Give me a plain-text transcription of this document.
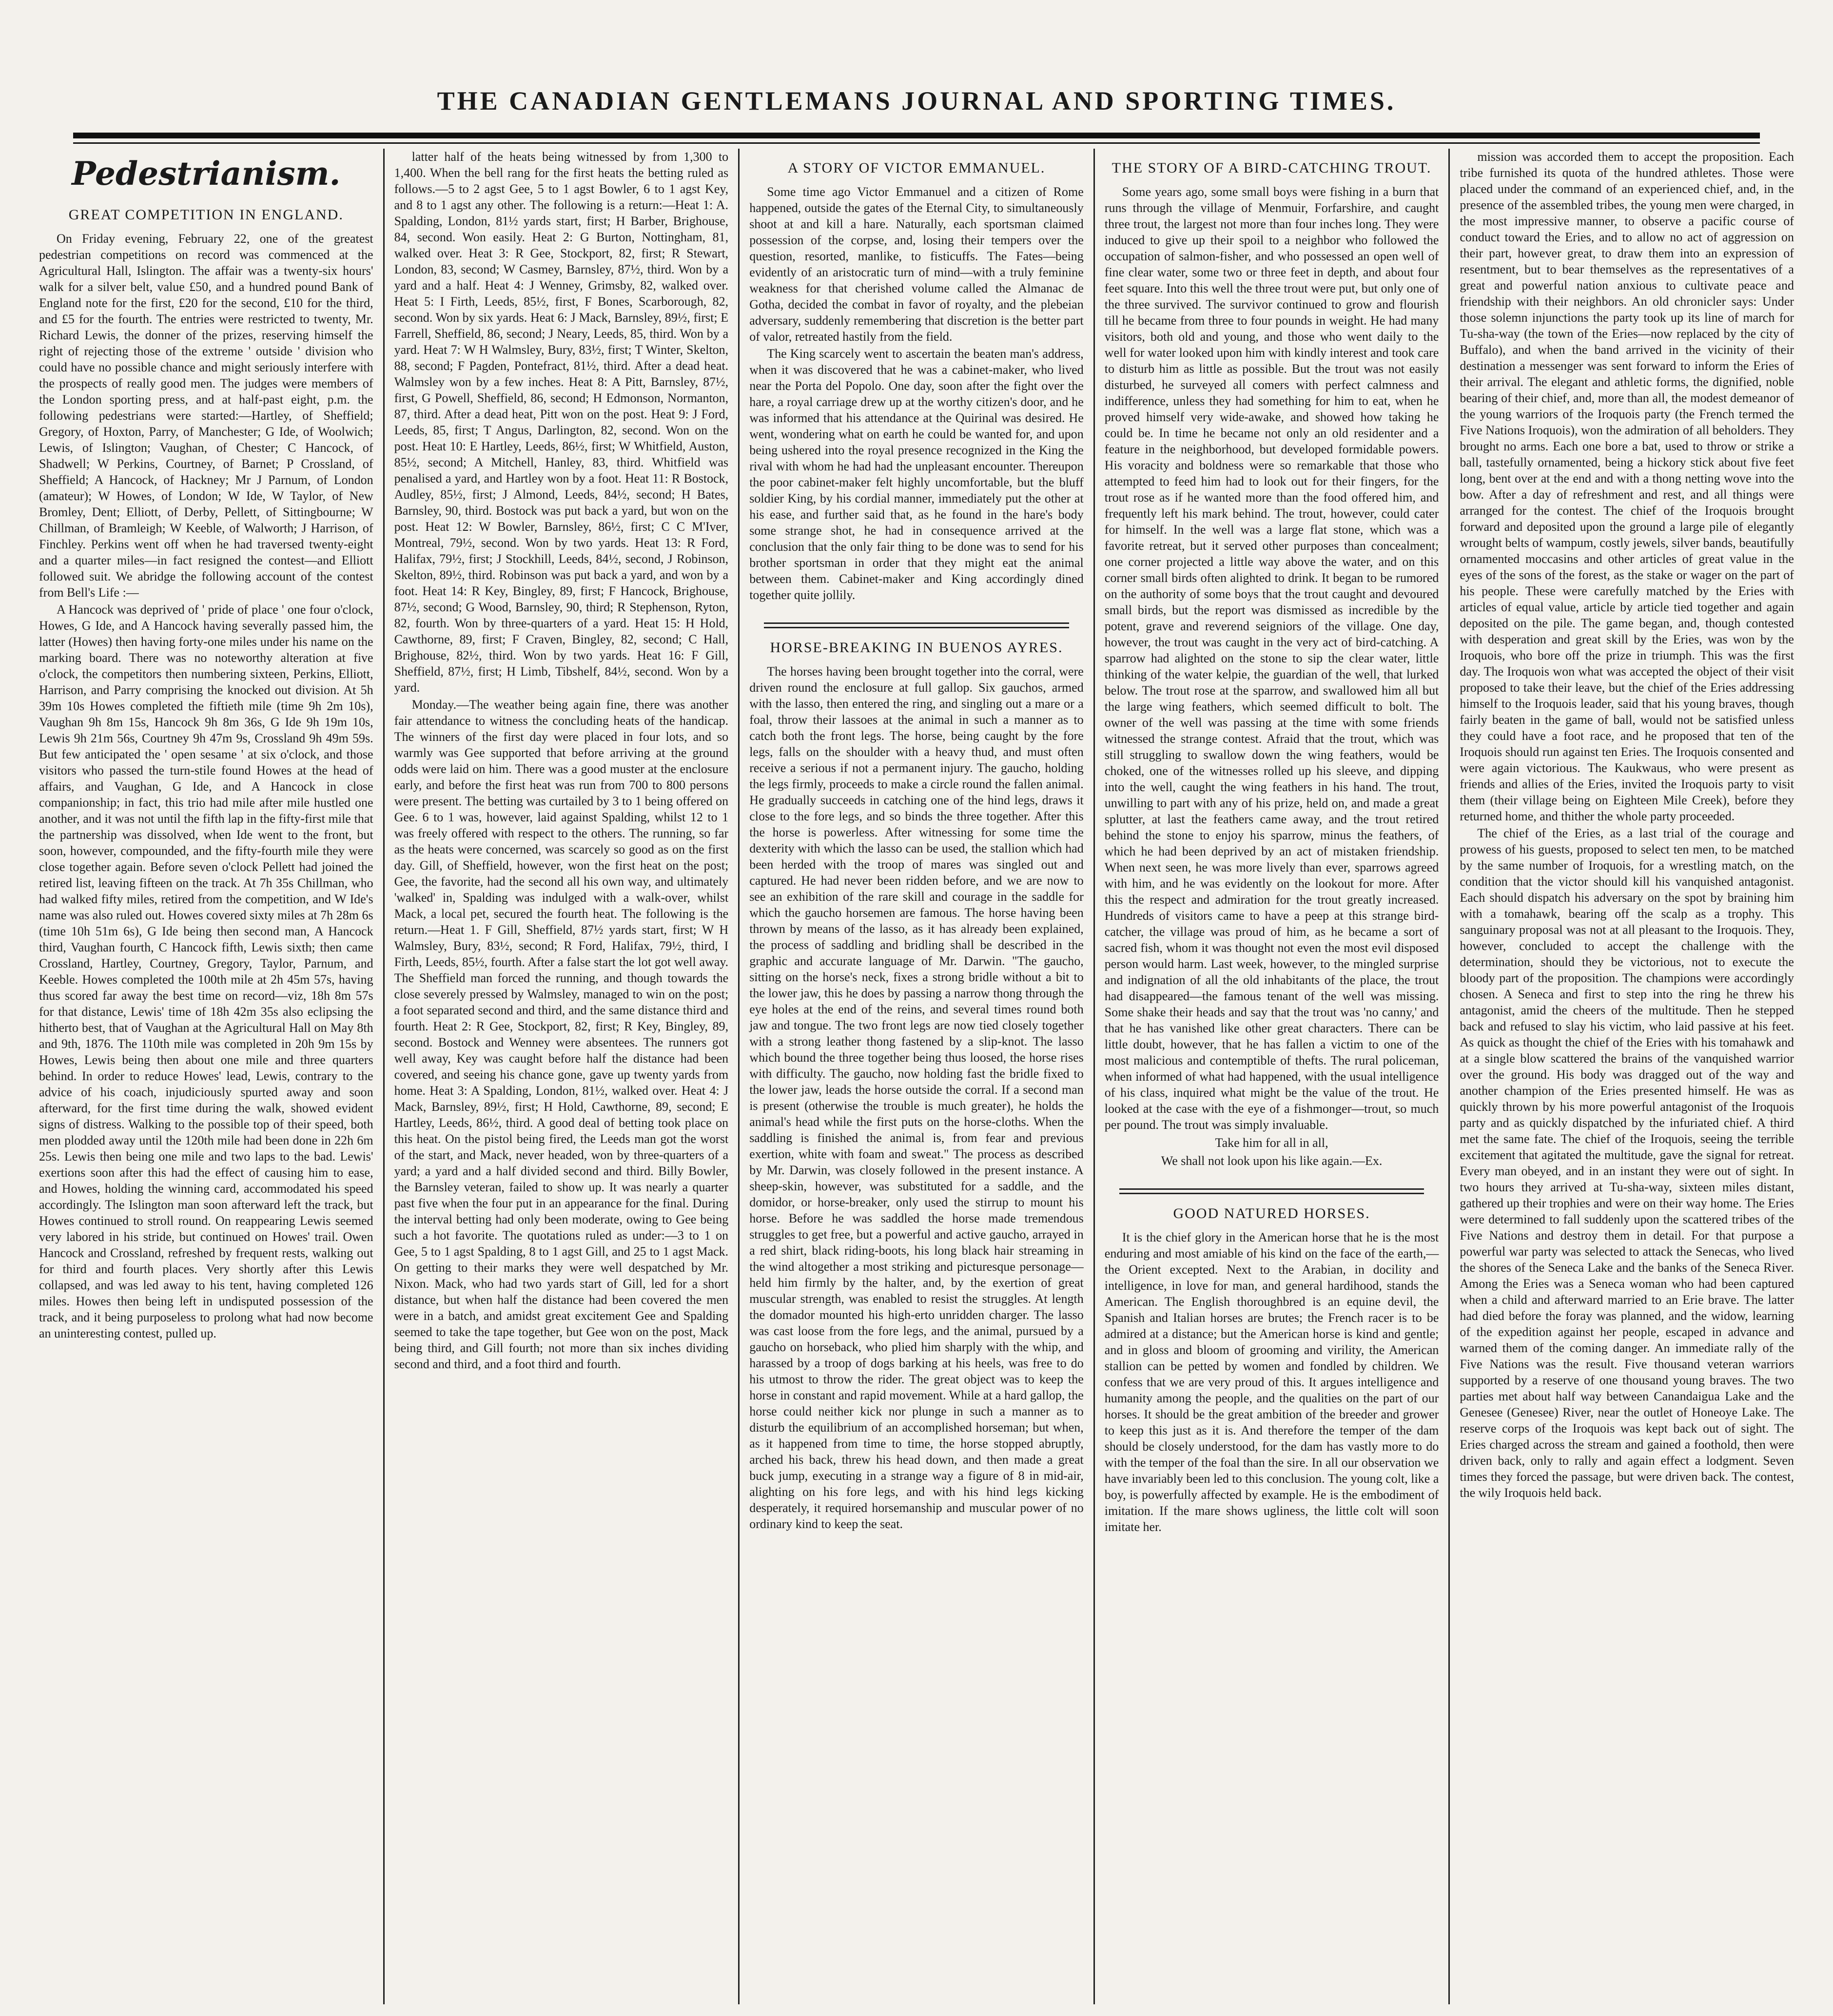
THE CANADIAN GENTLEMANS JOURNAL AND SPORTING TIMES.
Pedestrianism.
GREAT COMPETITION IN ENGLAND.

On Friday evening, February 22, one of the greatest pedestrian competitions on record was commenced at the Agricultural Hall, Islington. The affair was a twenty-six hours' walk for a silver belt, value £50, and a hundred pound Bank of England note for the first, £20 for the second, £10 for the third, and £5 for the fourth. The entries were restricted to twenty, Mr. Richard Lewis, the donner of the prizes, reserving himself the right of rejecting those of the extreme ' outside ' division who could have no possible chance and might seriously interfere with the prospects of really good men. The judges were members of the London sporting press, and at half-past eight, p.m. the following pedestrians were started:—Hartley, of Sheffield; Gregory, of Hoxton, Parry, of Manchester; G Ide, of Woolwich; Lewis, of Islington; Vaughan, of Chester; C Hancock, of Shadwell; W Perkins, Courtney, of Barnet; P Crossland, of Sheffield; A Hancock, of Hackney; Mr J Parnum, of London (amateur); W Howes, of London; W Ide, W Taylor, of New Bromley, Dent; Elliott, of Derby, Pellett, of Sittingbourne; W Chillman, of Bramleigh; W Keeble, of Walworth; J Harrison, of Finchley. Perkins went off when he had traversed twenty-eight and a quarter miles—in fact resigned the contest—and Elliott followed suit. We abridge the following account of the contest from Bell's Life :—

A Hancock was deprived of ' pride of place ' one four o'clock, Howes, G Ide, and A Hancock having severally passed him, the latter (Howes) then having forty-one miles under his name on the marking board. There was no noteworthy alteration at five o'clock, the competitors then numbering sixteen, Perkins, Elliott, Harrison, and Parry comprising the knocked out division. At 5h 39m 10s Howes completed the fiftieth mile (time 9h 2m 10s), Vaughan 9h 8m 15s, Hancock 9h 8m 36s, G Ide 9h 19m 10s, Lewis 9h 21m 56s, Courtney 9h 47m 9s, Crossland 9h 49m 59s. But few anticipated the ' open sesame ' at six o'clock, and those visitors who passed the turn-stile found Howes at the head of affairs, and Vaughan, G Ide, and A Hancock in close companionship; in fact, this trio had mile after mile hustled one another, and it was not until the fifth lap in the fifty-first mile that the partnership was dissolved, when Ide went to the front, but soon, however, compounded, and the fifty-fourth mile they were close together again. Before seven o'clock Pellett had joined the retired list, leaving fifteen on the track. At 7h 35s Chillman, who had walked fifty miles, retired from the competition, and W Ide's name was also ruled out. Howes covered sixty miles at 7h 28m 6s (time 10h 51m 6s), G Ide being then second man, A Hancock third, Vaughan fourth, C Hancock fifth, Lewis sixth; then came Crossland, Hartley, Courtney, Gregory, Taylor, Parnum, and Keeble. Howes completed the 100th mile at 2h 45m 57s, having thus scored far away the best time on record—viz, 18h 8m 57s for that distance, Lewis' time of 18h 42m 35s also eclipsing the hitherto best, that of Vaughan at the Agricultural Hall on May 8th and 9th, 1876. The 110th mile was completed in 20h 9m 15s by Howes, Lewis being then about one mile and three quarters behind. In order to reduce Howes' lead, Lewis, contrary to the advice of his coach, injudiciously spurted away and soon afterward, for the first time during the walk, showed evident signs of distress. Walking to the possible top of their speed, both men plodded away until the 120th mile had been done in 22h 6m 25s. Lewis then being one mile and two laps to the bad. Lewis' exertions soon after this had the effect of causing him to ease, and Howes, holding the winning card, accommodated his speed accordingly. The Islington man soon afterward left the track, but Howes continued to stroll round. On reappearing Lewis seemed very labored in his stride, but continued on Howes' trail. Owen Hancock and Crossland, refreshed by frequent rests, walking out for third and fourth places. Very shortly after this Lewis collapsed, and was led away to his tent, having completed 126 miles. Howes then being left in undisputed possession of the track, and it being purposeless to prolong what had now become an uninteresting contest, pulled up.

latter half of the heats being witnessed by from 1,300 to 1,400. When the bell rang for the first heats the betting ruled as follows.—5 to 2 agst Gee, 5 to 1 agst Bowler, 6 to 1 agst Key, and 8 to 1 agst any other. The following is a return:—Heat 1: A. Spalding, London, 81½ yards start, first; H Barber, Brighouse, 84, second. Won easily. Heat 2: G Burton, Nottingham, 81, walked over. Heat 3: R Gee, Stockport, 82, first; R Stewart, London, 83, second; W Casmey, Barnsley, 87½, third. Won by a yard and a half. Heat 4: J Wenney, Grimsby, 82, walked over. Heat 5: I Firth, Leeds, 85½, first, F Bones, Scarborough, 82, second. Won by six yards. Heat 6: J Mack, Barnsley, 89½, first; E Farrell, Sheffield, 86, second; J Neary, Leeds, 85, third. Won by a yard. Heat 7: W H Walmsley, Bury, 83½, first; T Winter, Skelton, 88, second; F Pagden, Pontefract, 81½, third. After a dead heat. Walmsley won by a few inches. Heat 8: A Pitt, Barnsley, 87½, first, G Powell, Sheffield, 86, second; H Edmonson, Normanton, 87, third. After a dead heat, Pitt won on the post. Heat 9: J Ford, Leeds, 85, first; T Angus, Darlington, 82, second. Won on the post. Heat 10: E Hartley, Leeds, 86½, first; W Whitfield, Auston, 85½, second; A Mitchell, Hanley, 83, third. Whitfield was penalised a yard, and Hartley won by a foot. Heat 11: R Bostock, Audley, 85½, first; J Almond, Leeds, 84½, second; H Bates, Barnsley, 90, third. Bostock was put back a yard, but won on the post. Heat 12: W Bowler, Barnsley, 86½, first; C C M'Iver, Montreal, 79½, second. Won by two yards. Heat 13: R Ford, Halifax, 79½, first; J Stockhill, Leeds, 84½, second, J Robinson, Skelton, 89½, third. Robinson was put back a yard, and won by a foot. Heat 14: R Key, Bingley, 89, first; F Hancock, Brighouse, 87½, second; G Wood, Barnsley, 90, third; R Stephenson, Ryton, 82, fourth. Won by three-quarters of a yard. Heat 15: H Hold, Cawthorne, 89, first; F Craven, Bingley, 82, second; C Hall, Brighouse, 82½, third. Won by two yards. Heat 16: F Gill, Sheffield, 87½, first; H Limb, Tibshelf, 84½, second. Won by a yard.

Monday.—The weather being again fine, there was another fair attendance to witness the concluding heats of the handicap. The winners of the first day were placed in four lots, and so warmly was Gee supported that before arriving at the ground odds were laid on him. There was a good muster at the enclosure early, and before the first heat was run from 700 to 800 persons were present. The betting was curtailed by 3 to 1 being offered on Gee. 6 to 1 was, however, laid against Spalding, whilst 12 to 1 was freely offered with respect to the others. The running, so far as the heats were concerned, was scarcely so good as on the first day. Gill, of Sheffield, however, won the first heat on the post; Gee, the favorite, had the second all his own way, and ultimately 'walked' in, Spalding was indulged with a walk-over, whilst Mack, a local pet, secured the fourth heat. The following is the return.—Heat 1. F Gill, Sheffield, 87½ yards start, first; W H Walmsley, Bury, 83½, second; R Ford, Halifax, 79½, third, I Firth, Leeds, 85½, fourth. After a false start the lot got well away. The Sheffield man forced the running, and though towards the close severely pressed by Walmsley, managed to win on the post; a foot separated second and third, and the same distance third and fourth. Heat 2: R Gee, Stockport, 82, first; R Key, Bingley, 89, second. Bostock and Wenney were absentees. The runners got well away, Key was caught before half the distance had been covered, and seeing his chance gone, gave up twenty yards from home. Heat 3: A Spalding, London, 81½, walked over. Heat 4: J Mack, Barnsley, 89½, first; H Hold, Cawthorne, 89, second; E Hartley, Leeds, 86½, third. A good deal of betting took place on this heat. On the pistol being fired, the Leeds man got the worst of the start, and Mack, never headed, won by three-quarters of a yard; a yard and a half divided second and third. Billy Bowler, the Barnsley veteran, failed to show up. It was nearly a quarter past five when the four put in an appearance for the final. During the interval betting had only been moderate, owing to Gee being such a hot favorite. The quotations ruled as under:—3 to 1 on Gee, 5 to 1 agst Spalding, 8 to 1 agst Gill, and 25 to 1 agst Mack. On getting to their marks they were well despatched by Mr. Nixon. Mack, who had two yards start of Gill, led for a short distance, but when half the distance had been covered the men were in a batch, and amidst great excitement Gee and Spalding seemed to take the tape together, but Gee won on the post, Mack being third, and Gill fourth; not more than six inches dividing second and third, and a foot third and fourth.

A STORY OF VICTOR EMMANUEL.

Some time ago Victor Emmanuel and a citizen of Rome happened, outside the gates of the Eternal City, to simultaneously shoot at and kill a hare. Naturally, each sportsman claimed possession of the corpse, and, losing their tempers over the question, resorted, manlike, to fisticuffs. The Fates—being evidently of an aristocratic turn of mind—with a truly feminine weakness for that cherished volume called the Almanac de Gotha, decided the combat in favor of royalty, and the plebeian adversary, suddenly remembering that discretion is the better part of valor, retreated hastily from the field.

The King scarcely went to ascertain the beaten man's address, when it was discovered that he was a cabinet-maker, who lived near the Porta del Popolo. One day, soon after the fight over the hare, a royal carriage drew up at the worthy citizen's door, and he was informed that his attendance at the Quirinal was desired. He went, wondering what on earth he could be wanted for, and upon being ushered into the royal presence recognized in the King the rival with whom he had had the unpleasant encounter. Thereupon the poor cabinet-maker felt highly uncomfortable, but the bluff soldier King, by his cordial manner, immediately put the other at his ease, and further said that, as he found in the hare's body some strange shot, he had in consequence arrived at the conclusion that the only fair thing to be done was to send for his brother sportsman in order that they might eat the animal between them. Cabinet-maker and King accordingly dined together quite jollily.

HORSE-BREAKING IN BUENOS AYRES.

The horses having been brought together into the corral, were driven round the enclosure at full gallop. Six gauchos, armed with the lasso, then entered the ring, and singling out a mare or a foal, throw their lassoes at the animal in such a manner as to catch both the front legs. The horse, being caught by the fore legs, falls on the shoulder with a heavy thud, and must often receive a serious if not a permanent injury. The gaucho, holding the legs firmly, proceeds to make a circle round the fallen animal. He gradually succeeds in catching one of the hind legs, draws it close to the fore legs, and so binds the three together. After this the horse is powerless. After witnessing for some time the dexterity with which the lasso can be used, the stallion which had been herded with the troop of mares was singled out and captured. He had never been ridden before, and we are now to see an exhibition of the rare skill and courage in the saddle for which the gaucho horsemen are famous. The horse having been thrown by means of the lasso, as it has already been explained, the process of saddling and bridling shall be described in the graphic and accurate language of Mr. Darwin. "The gaucho, sitting on the horse's neck, fixes a strong bridle without a bit to the lower jaw, this he does by passing a narrow thong through the eye holes at the end of the reins, and several times round both jaw and tongue. The two front legs are now tied closely together with a strong leather thong fastened by a slip-knot. The lasso which bound the three together being thus loosed, the horse rises with difficulty. The gaucho, now holding fast the bridle fixed to the lower jaw, leads the horse outside the corral. If a second man is present (otherwise the trouble is much greater), he holds the animal's head while the first puts on the horse-cloths. When the saddling is finished the animal is, from fear and previous exertion, white with foam and sweat." The process as described by Mr. Darwin, was closely followed in the present instance. A sheep-skin, however, was substituted for a saddle, and the domidor, or horse-breaker, only used the stirrup to mount his horse. Before he was saddled the horse made tremendous struggles to get free, but a powerful and active gaucho, arrayed in a red shirt, black riding-boots, his long black hair streaming in the wind altogether a most striking and picturesque personage—held him firmly by the halter, and, by the exertion of great muscular strength, was enabled to resist the struggles. At length the domador mounted his high-erto unridden charger. The lasso was cast loose from the fore legs, and the animal, pursued by a gaucho on horseback, who plied him sharply with the whip, and harassed by a troop of dogs barking at his heels, was free to do his utmost to throw the rider. The great object was to keep the horse in constant and rapid movement. While at a hard gallop, the horse could neither kick nor plunge in such a manner as to disturb the equilibrium of an accomplished horseman; but when, as it happened from time to time, the horse stopped abruptly, arched his back, threw his head down, and then made a great buck jump, executing in a strange way a figure of 8 in mid-air, alighting on his fore legs, and with his hind legs kicking desperately, it required horsemanship and muscular power of no ordinary kind to keep the seat.

THE STORY OF A BIRD-CATCHING TROUT.

Some years ago, some small boys were fishing in a burn that runs through the village of Menmuir, Forfarshire, and caught three trout, the largest not more than four inches long. They were induced to give up their spoil to a neighbor who followed the occupation of salmon-fisher, and who possessed an open well of fine clear water, some two or three feet in depth, and about four feet square. Into this well the three trout were put, but only one of the three survived. The survivor continued to grow and flourish till he became from three to four pounds in weight. He had many visitors, both old and young, and those who went daily to the well for water looked upon him with kindly interest and took care to disturb him as little as possible. But the trout was not easily disturbed, he surveyed all comers with perfect calmness and indifference, unless they had something for him to eat, when he proved himself very wide-awake, and showed how taking he could be. In time he became not only an old residenter and a feature in the neighborhood, but developed formidable powers. His voracity and boldness were so remarkable that those who attempted to feed him had to look out for their fingers, for the trout rose as if he wanted more than the food offered him, and frequently left his mark behind. The trout, however, could cater for himself. In the well was a large flat stone, which was a favorite retreat, but it served other purposes than concealment; one corner projected a little way above the water, and on this corner small birds often alighted to drink. It began to be rumored on the authority of some boys that the trout caught and devoured small birds, but the report was dismissed as incredible by the potent, grave and reverend seigniors of the village. One day, however, the trout was caught in the very act of bird-catching. A sparrow had alighted on the stone to sip the clear water, little thinking of the water kelpie, the guardian of the well, that lurked below. The trout rose at the sparrow, and swallowed him all but the large wing feathers, which seemed difficult to bolt. The owner of the well was passing at the time with some friends witnessed the strange contest. Afraid that the trout, which was still struggling to swallow down the wing feathers, would be choked, one of the witnesses rolled up his sleeve, and dipping into the well, caught the wing feathers in his hand. The trout, unwilling to part with any of his prize, held on, and made a great splutter, at last the feathers came away, and the trout retired behind the stone to enjoy his sparrow, minus the feathers, of which he had been deprived by an act of mistaken friendship. When next seen, he was more lively than ever, sparrows agreed with him, and he was evidently on the lookout for more. After this the respect and admiration for the trout greatly increased. Hundreds of visitors came to have a peep at this strange bird-catcher, the village was proud of him, as he became a sort of sacred fish, whom it was thought not even the most evil disposed person would harm. Last week, however, to the mingled surprise and indignation of all the old inhabitants of the place, the trout had disappeared—the famous tenant of the well was missing. Some shake their heads and say that the trout was 'no canny,' and that he has vanished like other great characters. There can be little doubt, however, that he has fallen a victim to one of the most malicious and contemptible of thefts. The rural policeman, when informed of what had happened, with the usual intelligence of his class, inquired what might be the value of the trout. He looked at the case with the eye of a fishmonger—trout, so much per pound. The trout was simply invaluable.

Take him for all in all,

We shall not look upon his like again.—Ex.

GOOD NATURED HORSES.

It is the chief glory in the American horse that he is the most enduring and most amiable of his kind on the face of the earth,—the Orient excepted. Next to the Arabian, in docility and intelligence, in love for man, and general hardihood, stands the American. The English thoroughbred is an equine devil, the Spanish and Italian horses are brutes; the French racer is to be admired at a distance; but the American horse is kind and gentle; and in gloss and bloom of grooming and virility, the American stallion can be petted by women and fondled by children. We confess that we are very proud of this. It argues intelligence and humanity among the people, and the qualities on the part of our horses. It should be the great ambition of the breeder and grower to keep this just as it is. And therefore the temper of the dam should be closely understood, for the dam has vastly more to do with the temper of the foal than the sire. In all our observation we have invariably been led to this conclusion. The young colt, like a boy, is powerfully affected by example. He is the embodiment of imitation. If the mare shows ugliness, the little colt will soon imitate her.

mission was accorded them to accept the proposition. Each tribe furnished its quota of the hundred athletes. Those were placed under the command of an experienced chief, and, in the presence of the assembled tribes, the young men were charged, in the most impressive manner, to observe a pacific course of conduct toward the Eries, and to allow no act of aggression on their part, however great, to draw them into an expression of resentment, but to bear themselves as the representatives of a great and powerful nation anxious to cultivate peace and friendship with their neighbors. An old chronicler says: Under those solemn injunctions the party took up its line of march for Tu-sha-way (the town of the Eries—now replaced by the city of Buffalo), and when the band arrived in the vicinity of their destination a messenger was sent forward to inform the Eries of their arrival. The elegant and athletic forms, the dignified, noble bearing of their chief, and, more than all, the modest demeanor of the young warriors of the Iroquois party (the French termed the Five Nations Iroquois), won the admiration of all beholders. They brought no arms. Each one bore a bat, used to throw or strike a ball, tastefully ornamented, being a hickory stick about five feet long, bent over at the end and with a thong netting wove into the bow. After a day of refreshment and rest, and all things were arranged for the contest. The chief of the Iroquois brought forward and deposited upon the ground a large pile of elegantly wrought belts of wampum, costly jewels, silver bands, beautifully ornamented moccasins and other articles of great value in the eyes of the sons of the forest, as the stake or wager on the part of his people. These were carefully matched by the Eries with articles of equal value, article by article tied together and again deposited on the pile. The game began, and, though contested with desperation and great skill by the Eries, was won by the Iroquois, who bore off the prize in triumph. This was the first day. The Iroquois won what was accepted the object of their visit proposed to take their leave, but the chief of the Eries addressing himself to the Iroquois leader, said that his young braves, though fairly beaten in the game of ball, would not be satisfied unless they could have a foot race, and he proposed that ten of the Iroquois should run against ten Eries. The Iroquois consented and were again victorious. The Kaukwaus, who were present as friends and allies of the Eries, invited the Iroquois party to visit them (their village being on Eighteen Mile Creek), before they returned home, and thither the whole party proceeded.

The chief of the Eries, as a last trial of the courage and prowess of his guests, proposed to select ten men, to be matched by the same number of Iroquois, for a wrestling match, on the condition that the victor should kill his vanquished antagonist. Each should dispatch his adversary on the spot by braining him with a tomahawk, bearing off the scalp as a trophy. This sanguinary proposal was not at all pleasant to the Iroquois. They, however, concluded to accept the challenge with the determination, should they be victorious, not to execute the bloody part of the proposition. The champions were accordingly chosen. A Seneca and first to step into the ring he threw his antagonist, amid the cheers of the multitude. Then he stepped back and refused to slay his victim, who laid passive at his feet. As quick as thought the chief of the Eries with his tomahawk and at a single blow scattered the brains of the vanquished warrior over the ground. His body was dragged out of the way and another champion of the Eries presented himself. He was as quickly thrown by his more powerful antagonist of the Iroquois party and as quickly dispatched by the infuriated chief. A third met the same fate. The chief of the Iroquois, seeing the terrible excitement that agitated the multitude, gave the signal for retreat. Every man obeyed, and in an instant they were out of sight. In two hours they arrived at Tu-sha-way, sixteen miles distant, gathered up their trophies and were on their way home. The Eries were determined to fall suddenly upon the scattered tribes of the Five Nations and destroy them in detail. For that purpose a powerful war party was selected to attack the Senecas, who lived the shores of the Seneca Lake and the banks of the Seneca River. Among the Eries was a Seneca woman who had been captured when a child and afterward married to an Erie brave. The latter had died before the foray was planned, and the widow, learning of the expedition against her people, escaped in advance and warned them of the coming danger. An immediate rally of the Five Nations was the result. Five thousand veteran warriors supported by a reserve of one thousand young braves. The two parties met about half way between Canandaigua Lake and the Genesee (Genesee) River, near the outlet of Honeoye Lake. The reserve corps of the Iroquois was kept back out of sight. The Eries charged across the stream and gained a foothold, then were driven back, only to rally and again effect a lodgment. Seven times they forced the passage, but were driven back. The contest, the wily Iroquois held back.
